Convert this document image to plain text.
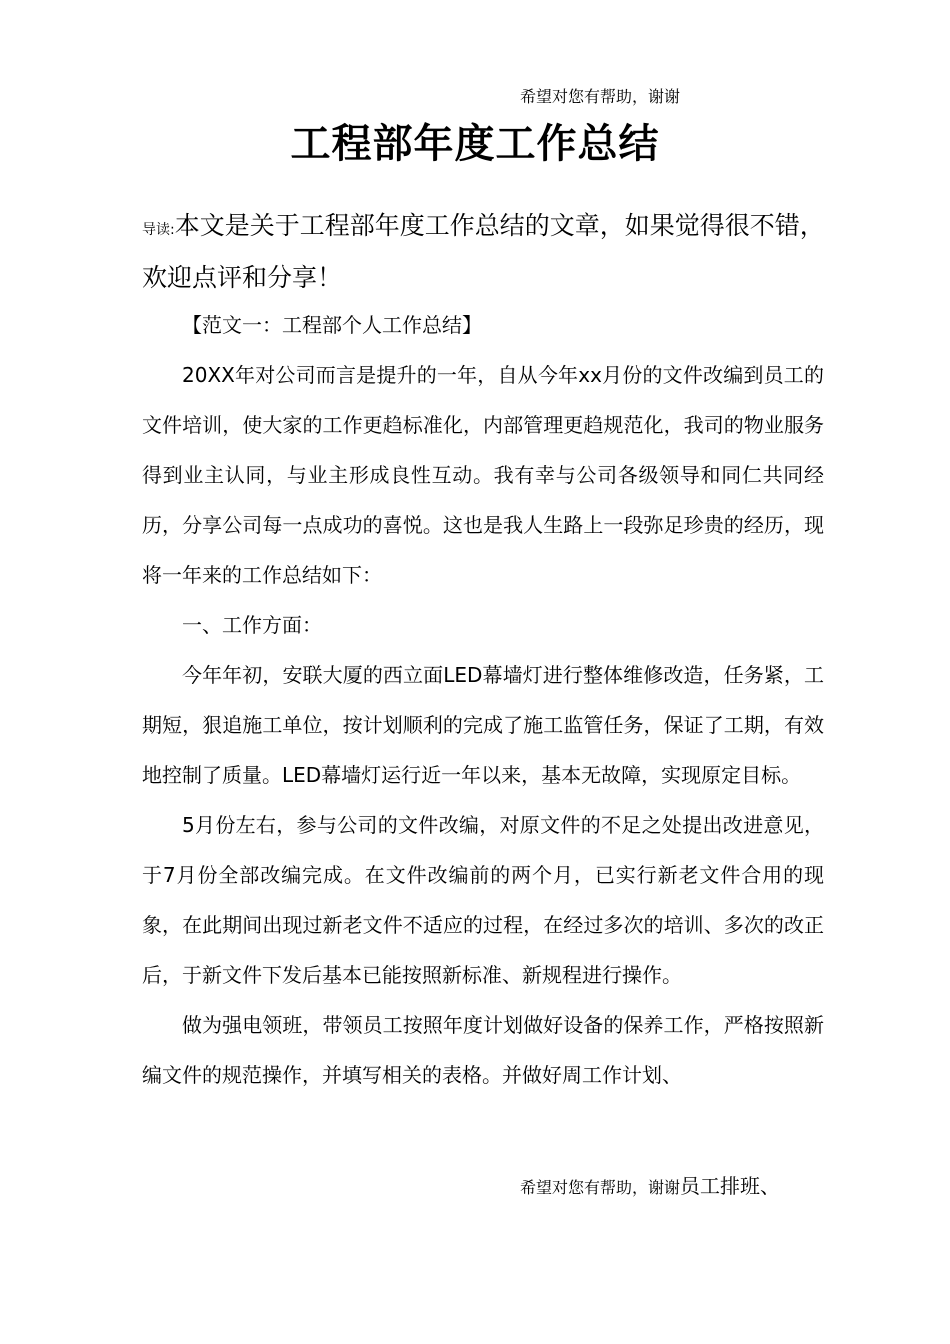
希望对您有帮助，谢谢
工程部年度工作总结

导读:本文是关于工程部年度工作总结的文章，如果觉得很不错，欢迎点评和分享！

【范文一：工程部个人工作总结】

20XX年对公司而言是提升的一年，自从今年xx月份的文件改编到员工的文件培训，使大家的工作更趋标准化，内部管理更趋规范化，我司的物业服务得到业主认同，与业主形成良性互动。我有幸与公司各级领导和同仁共同经历，分享公司每一点成功的喜悦。这也是我人生路上一段弥足珍贵的经历，现将一年来的工作总结如下：

一、工作方面：

今年年初，安联大厦的西立面LED幕墙灯进行整体维修改造，任务紧，工期短，狠追施工单位，按计划顺利的完成了施工监管任务，保证了工期，有效地控制了质量。LED幕墙灯运行近一年以来，基本无故障，实现原定目标。

5月份左右，参与公司的文件改编，对原文件的不足之处提出改进意见，于7月份全部改编完成。在文件改编前的两个月，已实行新老文件合用的现象，在此期间出现过新老文件不适应的过程，在经过多次的培训、多次的改正后，于新文件下发后基本已能按照新标准、新规程进行操作。

做为强电领班，带领员工按照年度计划做好设备的保养工作，严格按照新编文件的规范操作，并填写相关的表格。并做好周工作计划、

希望对您有帮助，谢谢员工排班、
